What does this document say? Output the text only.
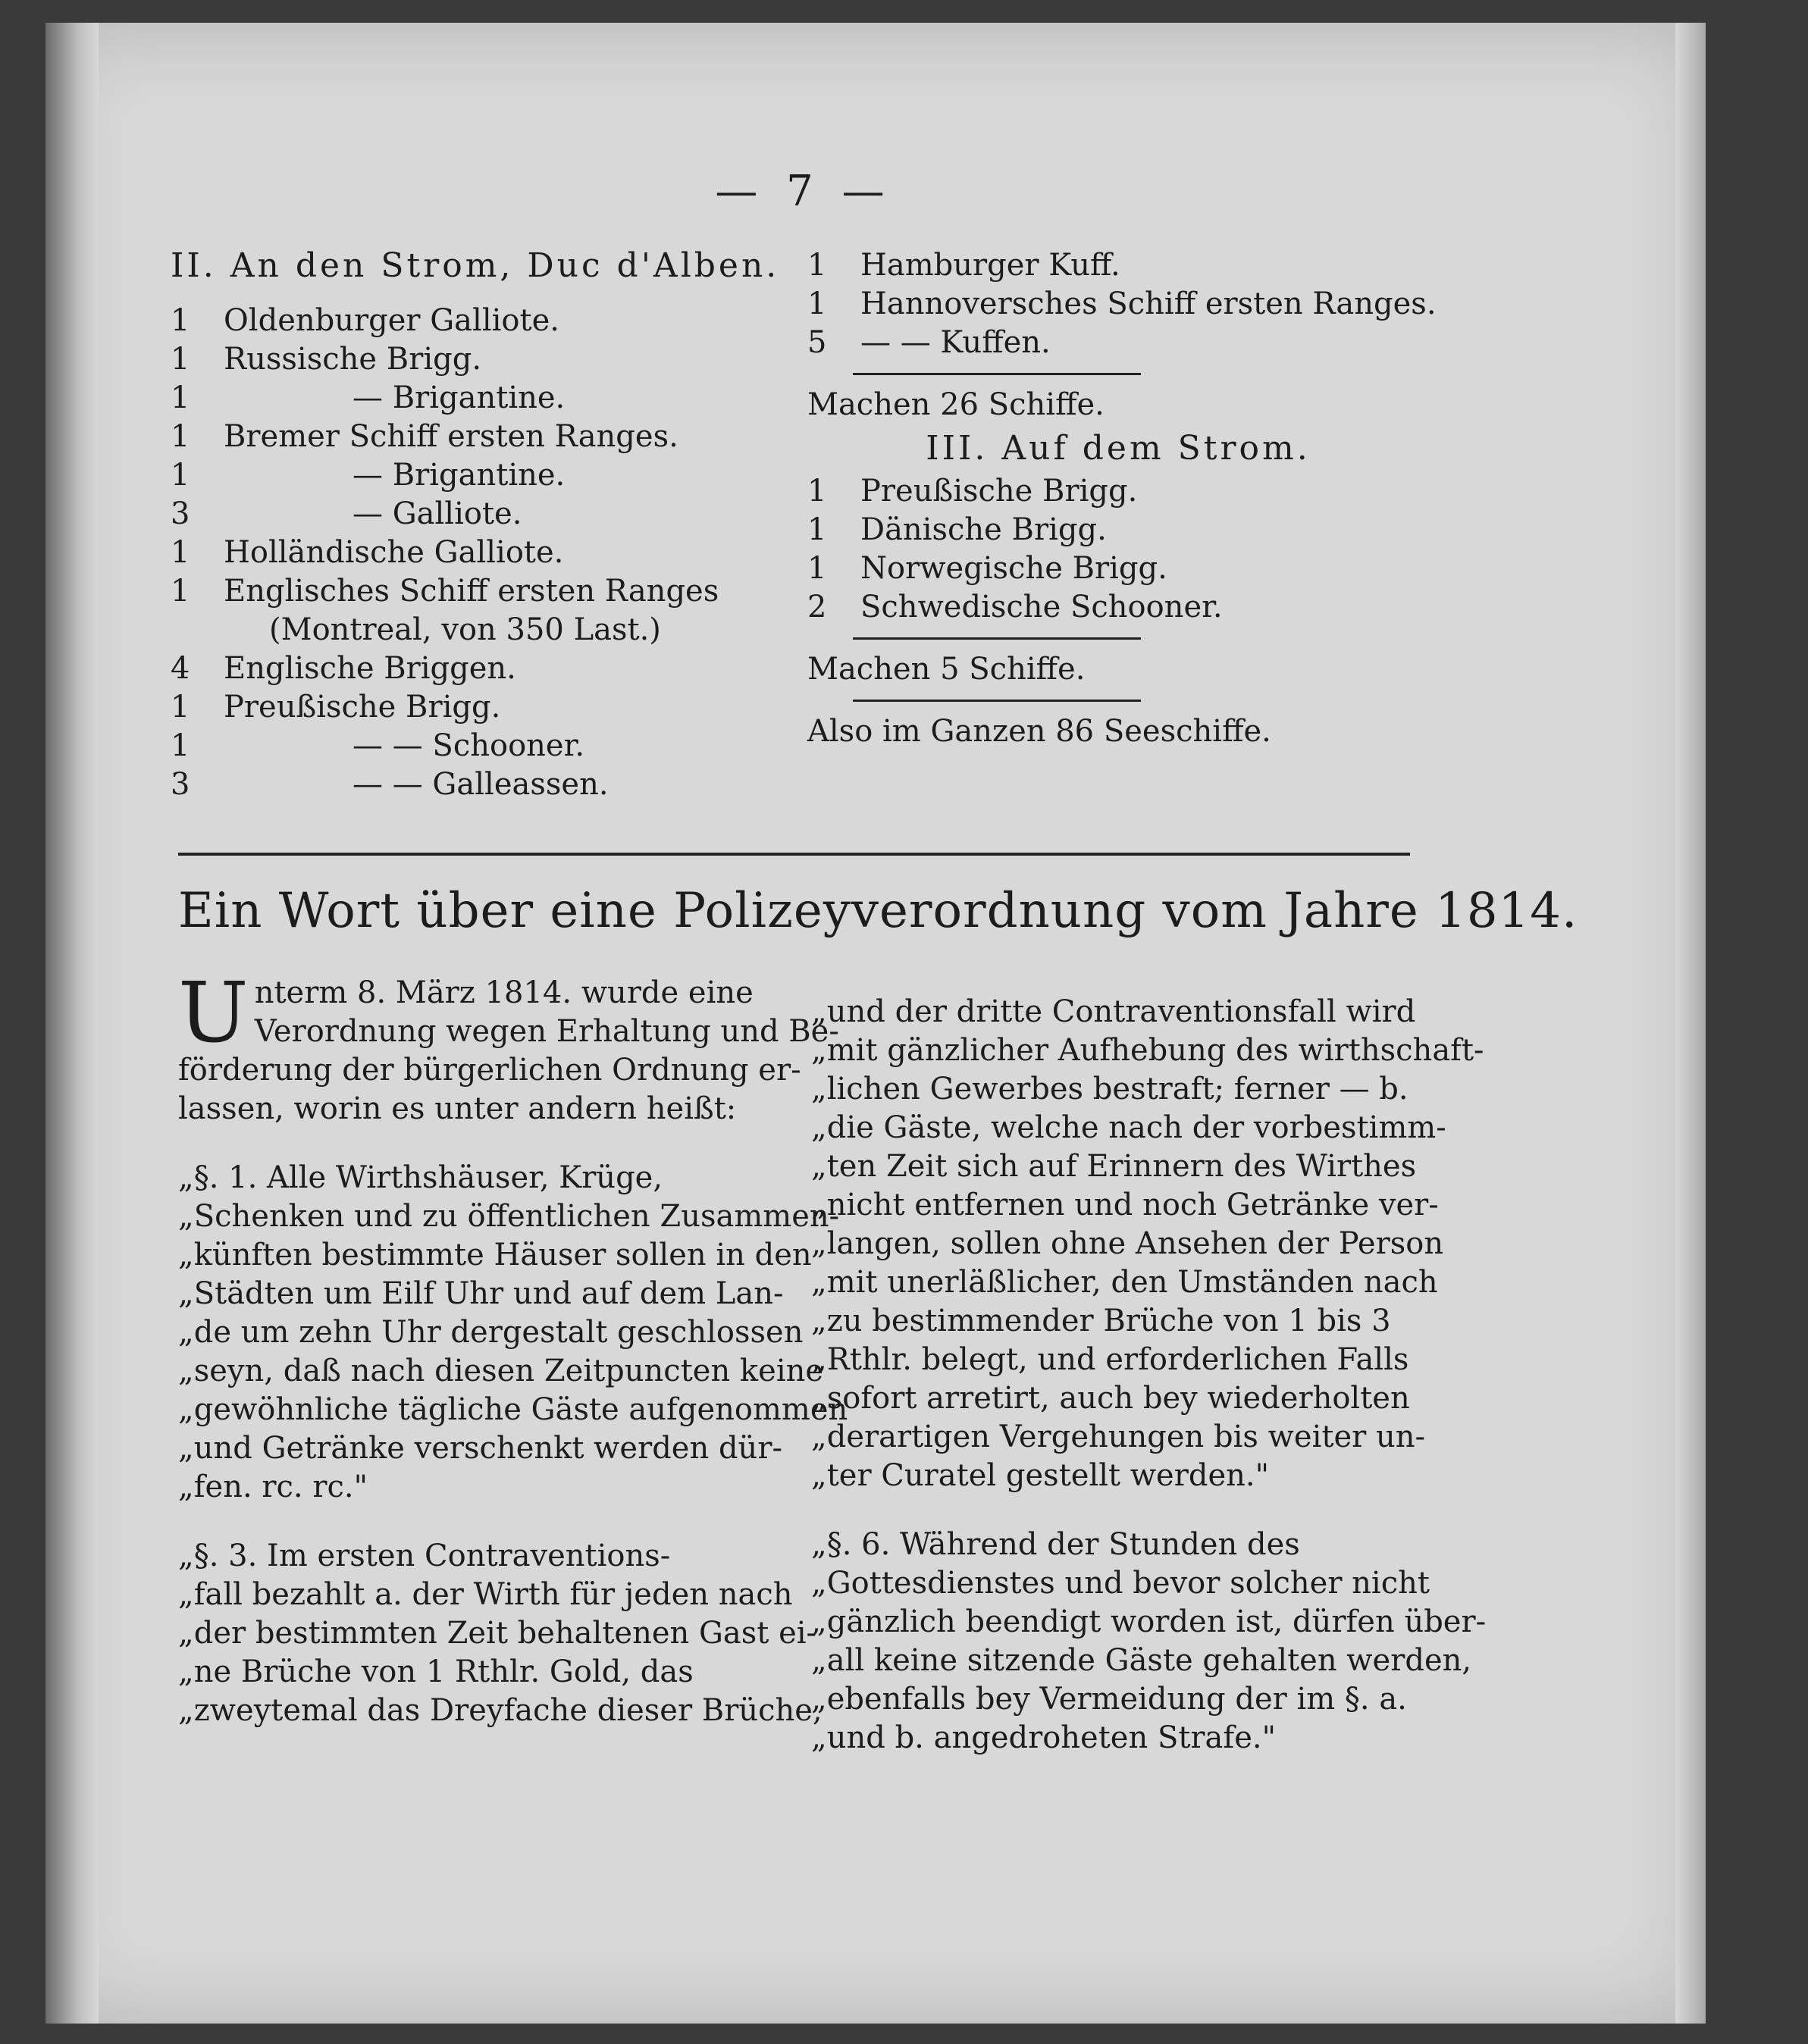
— 7 —
II. An den Strom, Duc d'Alben.
1 Oldenburger Galliote.
1 Russische Brigg.
1	— Brigantine.
1 Bremer Schiff ersten Ranges.
1	— Brigantine.
3	— Galliote.
1 Holländische Galliote.
1 Englisches Schiff ersten Ranges
(Montreal, von 350 Last.)
4 Englische Briggen.
1 Preußische Brigg.
1	— — Schooner.
3	— — Galleassen.
1 Hamburger Kuff.
1 Hannoversches Schiff ersten Ranges.
5 — — Kuffen.
Machen 26 Schiffe.
III. Auf dem Strom.
1 Preußische Brigg.
1 Dänische Brigg.
1 Norwegische Brigg.
2 Schwedische Schooner.
Machen 5 Schiffe.
Also im Ganzen 86 Seeschiffe.
Ein Wort über eine Polizeyverordnung vom Jahre 1814.
U nterm 8. März 1814. wurde eine
Verordnung wegen Erhaltung und Be-
förderung der bürgerlichen Ordnung er-
lassen, worin es unter andern heißt:
„§. 1. Alle Wirthshäuser, Krüge,
„Schenken und zu öffentlichen Zusammen-
„künften bestimmte Häuser sollen in den
„Städten um Eilf Uhr und auf dem Lan-
„de um zehn Uhr dergestalt geschlossen
„seyn, daß nach diesen Zeitpuncten keine
„gewöhnliche tägliche Gäste aufgenommen
„und Getränke verschenkt werden dür-
„fen. rc. rc."
„§. 3. Im ersten Contraventions-
„fall bezahlt a. der Wirth für jeden nach
„der bestimmten Zeit behaltenen Gast ei-
„ne Brüche von 1 Rthlr. Gold, das
„zweytemal das Dreyfache dieser Brüche,
„und der dritte Contraventionsfall wird
„mit gänzlicher Aufhebung des wirthschaft-
„lichen Gewerbes bestraft; ferner — b.
„die Gäste, welche nach der vorbestimm-
„ten Zeit sich auf Erinnern des Wirthes
„nicht entfernen und noch Getränke ver-
„langen, sollen ohne Ansehen der Person
„mit unerläßlicher, den Umständen nach
„zu bestimmender Brüche von 1 bis 3
„Rthlr. belegt, und erforderlichen Falls
„sofort arretirt, auch bey wiederholten
„derartigen Vergehungen bis weiter un-
„ter Curatel gestellt werden."
„§. 6. Während der Stunden des
„Gottesdienstes und bevor solcher nicht
„gänzlich beendigt worden ist, dürfen über-
„all keine sitzende Gäste gehalten werden,
„ebenfalls bey Vermeidung der im §. a.
„und b. angedroheten Strafe."
